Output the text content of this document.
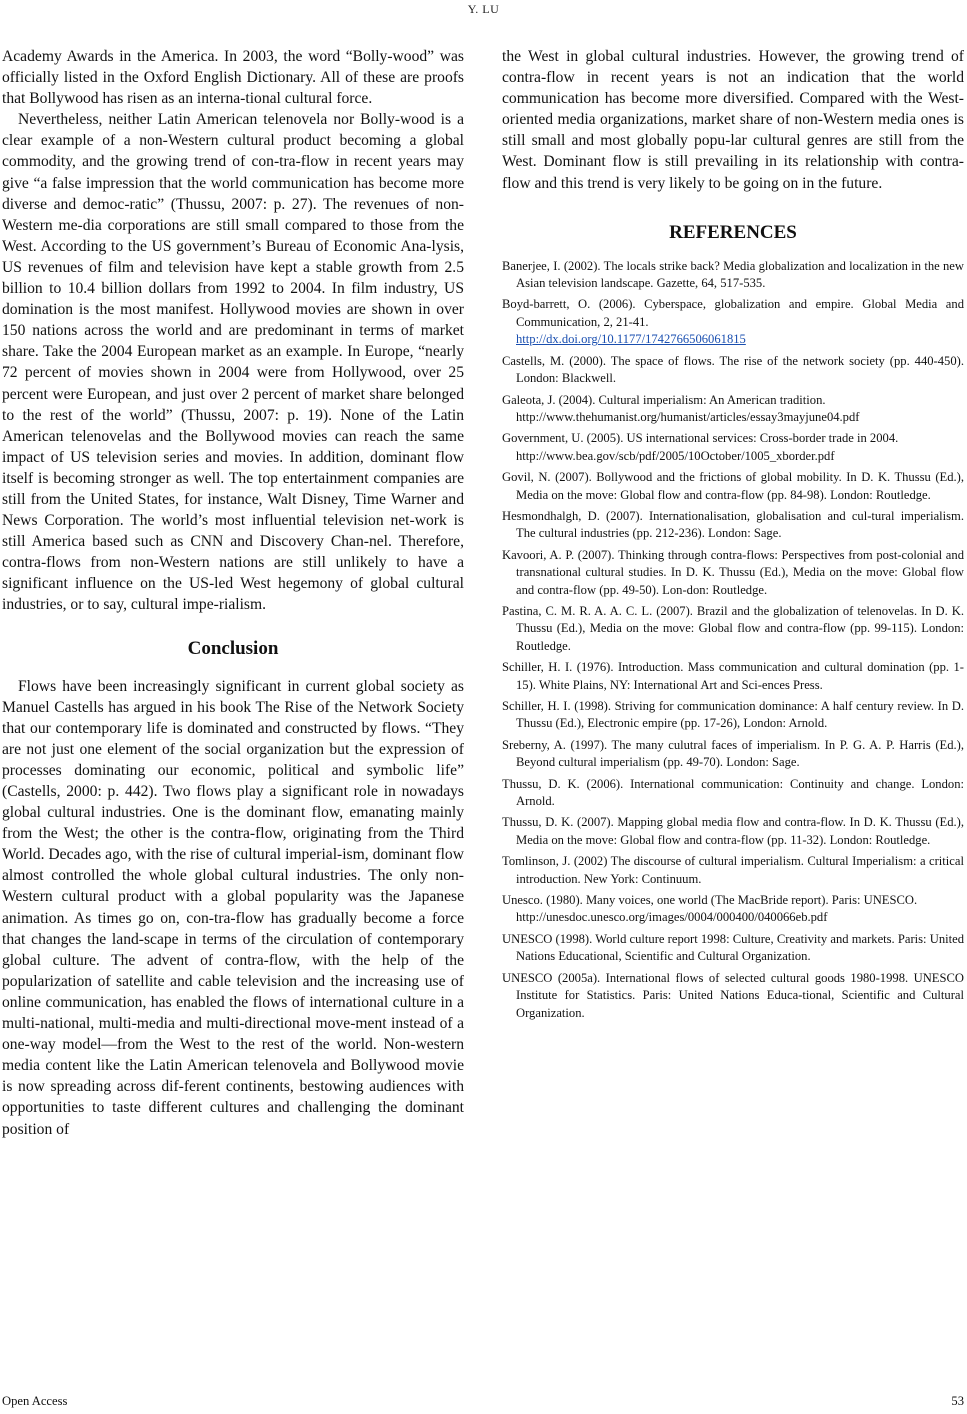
Y. LU

Academy Awards in the America. In 2003, the word “Bolly-wood” was officially listed in the Oxford English Dictionary. All of these are proofs that Bollywood has risen as an interna-tional cultural force.

Nevertheless, neither Latin American telenovela nor Bolly-wood is a clear example of a non-Western cultural product becoming a global commodity, and the growing trend of con-tra-flow in recent years may give “a false impression that the world communication has become more diverse and democ-ratic” (Thussu, 2007: p. 27). The revenues of non-Western me-dia corporations are still small compared to those from the West. According to the US government’s Bureau of Economic Ana-lysis, US revenues of film and television have kept a stable growth from 2.5 billion to 10.4 billion dollars from 1992 to 2004. In film industry, US domination is the most manifest. Hollywood movies are shown in over 150 nations across the world and are predominant in terms of market share. Take the 2004 European market as an example. In Europe, “nearly 72 percent of movies shown in 2004 were from Hollywood, over 25 percent were European, and just over 2 percent of market share belonged to the rest of the world” (Thussu, 2007: p. 19). None of the Latin American telenovelas and the Bollywood movies can reach the same impact of US television series and movies. In addition, dominant flow itself is becoming stronger as well. The top entertainment companies are still from the United States, for instance, Walt Disney, Time Warner and News Corporation. The world’s most influential television net-work is still America based such as CNN and Discovery Chan-nel. Therefore, contra-flows from non-Western nations are still unlikely to have a significant influence on the US-led West hegemony of global cultural industries, or to say, cultural impe-rialism.

Conclusion

Flows have been increasingly significant in current global society as Manuel Castells has argued in his book The Rise of the Network Society that our contemporary life is dominated and constructed by flows. “They are not just one element of the social organization but the expression of processes dominating our economic, political and symbolic life” (Castells, 2000: p. 442). Two flows play a significant role in nowadays global cultural industries. One is the dominant flow, emanating mainly from the West; the other is the contra-flow, originating from the Third World. Decades ago, with the rise of cultural imperial-ism, dominant flow almost controlled the whole global cultural industries. The only non-Western cultural product with a global popularity was the Japanese animation. As times go on, con-tra-flow has gradually become a force that changes the land-scape in terms of the circulation of contemporary global culture. The advent of contra-flow, with the help of the popularization of satellite and cable television and the increasing use of online communication, has enabled the flows of international culture in a multi-national, multi-media and multi-directional move-ment instead of a one-way model—from the West to the rest of the world. Non-western media content like the Latin American telenovela and Bollywood movie is now spreading across dif-ferent continents, bestowing audiences with opportunities to taste different cultures and challenging the dominant position of

the West in global cultural industries. However, the growing trend of contra-flow in recent years is not an indication that the world communication has become more diversified. Compared with the West-oriented media organizations, market share of non-Western media ones is still small and most globally popu-lar cultural genres are still from the West. Dominant flow is still prevailing in its relationship with contra-flow and this trend is very likely to be going on in the future.

REFERENCES
Banerjee, I. (2002). The locals strike back? Media globalization and localization in the new Asian television landscape. Gazette, 64, 517-535.
Boyd-barrett, O. (2006). Cyberspace, globalization and empire. Global Media and Communication, 2, 21-41.
http://dx.doi.org/10.1177/1742766506061815
Castells, M. (2000). The space of flows. The rise of the network society (pp. 440-450). London: Blackwell.
Galeota, J. (2004). Cultural imperialism: An American tradition.
http://www.thehumanist.org/humanist/articles/essay3mayjune04.pdf
Government, U. (2005). US international services: Cross-border trade in 2004.
http://www.bea.gov/scb/pdf/2005/10October/1005_xborder.pdf
Govil, N. (2007). Bollywood and the frictions of global mobility. In D. K. Thussu (Ed.), Media on the move: Global flow and contra-flow (pp. 84-98). London: Routledge.
Hesmondhalgh, D. (2007). Internationalisation, globalisation and cul-tural imperialism. The cultural industries (pp. 212-236). London: Sage.
Kavoori, A. P. (2007). Thinking through contra-flows: Perspectives from post-colonial and transnational cultural studies. In D. K. Thussu (Ed.), Media on the move: Global flow and contra-flow (pp. 49-50). Lon-don: Routledge.
Pastina, C. M. R. A. A. C. L. (2007). Brazil and the globalization of telenovelas. In D. K. Thussu (Ed.), Media on the move: Global flow and contra-flow (pp. 99-115). London: Routledge.
Schiller, H. I. (1976). Introduction. Mass communication and cultural domination (pp. 1-15). White Plains, NY: International Art and Sci-ences Press.
Schiller, H. I. (1998). Striving for communication dominance: A half century review. In D. Thussu (Ed.), Electronic empire (pp. 17-26), London: Arnold.
Sreberny, A. (1997). The many culutral faces of imperialism. In P. G. A. P. Harris (Ed.), Beyond cultural imperialism (pp. 49-70). London: Sage.
Thussu, D. K. (2006). International communication: Continuity and change. London: Arnold.
Thussu, D. K. (2007). Mapping global media flow and contra-flow. In D. K. Thussu (Ed.), Media on the move: Global flow and contra-flow (pp. 11-32). London: Routledge.
Tomlinson, J. (2002) The discourse of cultural imperialism. Cultural Imperialism: a critical introduction. New York: Continuum.
Unesco. (1980). Many voices, one world (The MacBride report). Paris: UNESCO.
http://unesdoc.unesco.org/images/0004/000400/040066eb.pdf
UNESCO (1998). World culture report 1998: Culture, Creativity and markets. Paris: United Nations Educational, Scientific and Cultural Organization.
UNESCO (2005a). International flows of selected cultural goods 1980-1998. UNESCO Institute for Statistics. Paris: United Nations Educa-tional, Scientific and Cultural Organization.
Open Access	53
